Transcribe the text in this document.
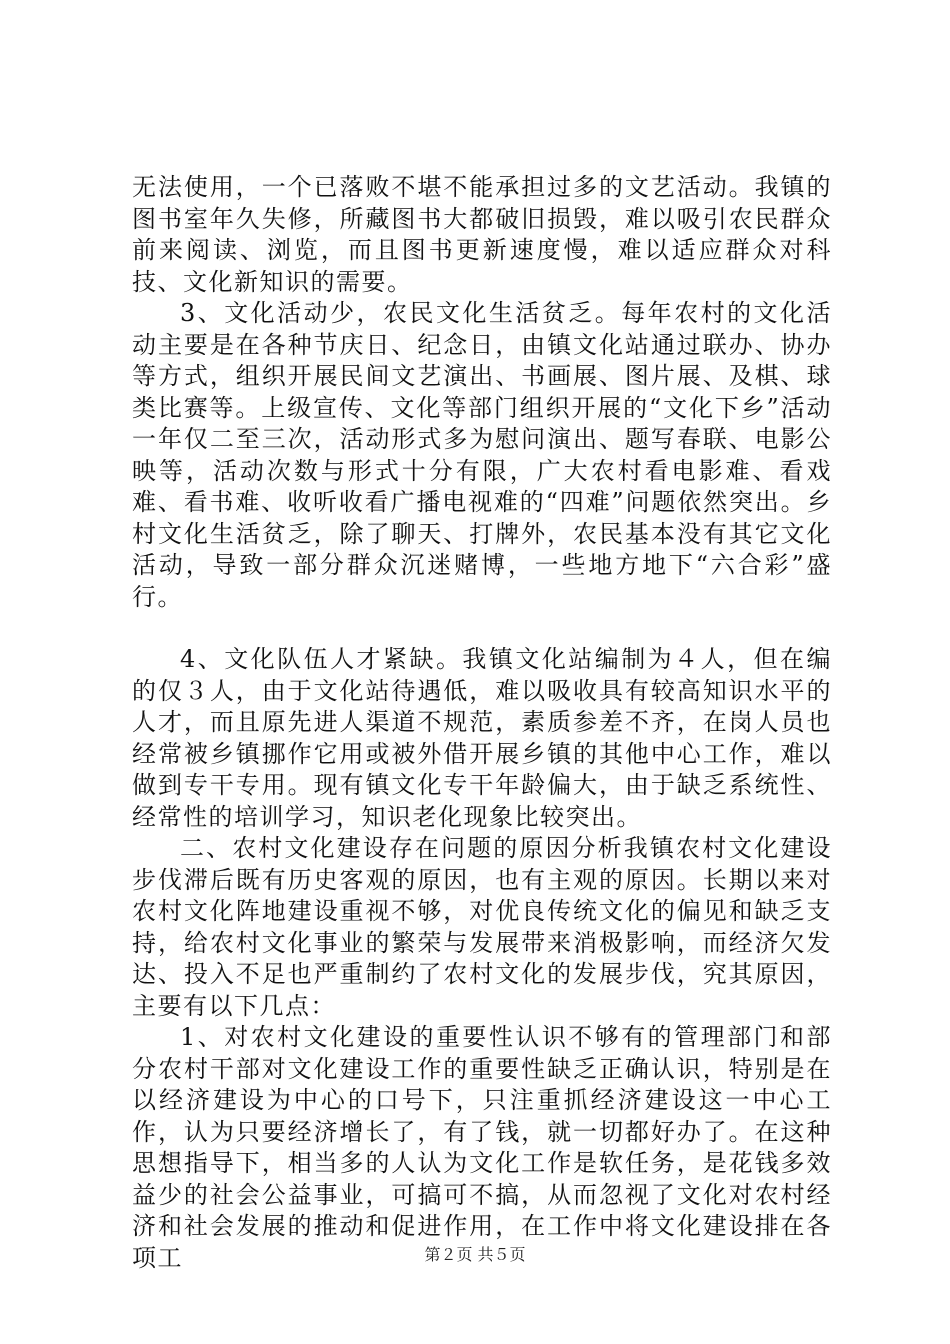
无法使用，一个已落败不堪不能承担过多的文艺活动。我镇的图书室年久失修，所藏图书大都破旧损毁，难以吸引农民群众前来阅读、浏览，而且图书更新速度慢，难以适应群众对科技、文化新知识的需要。

3、文化活动少，农民文化生活贫乏。每年农村的文化活动主要是在各种节庆日、纪念日，由镇文化站通过联办、协办等方式，组织开展民间文艺演出、书画展、图片展、及棋、球类比赛等。上级宣传、文化等部门组织开展的“文化下乡”活动一年仅二至三次，活动形式多为慰问演出、题写春联、电影公映等，活动次数与形式十分有限，广大农村看电影难、看戏难、看书难、收听收看广播电视难的“四难”问题依然突出。乡村文化生活贫乏，除了聊天、打牌外，农民基本没有其它文化活动，导致一部分群众沉迷赌博，一些地方地下“六合彩”盛行。

4、文化队伍人才紧缺。我镇文化站编制为４人，但在编的仅３人，由于文化站待遇低，难以吸收具有较高知识水平的人才，而且原先进人渠道不规范，素质参差不齐，在岗人员也经常被乡镇挪作它用或被外借开展乡镇的其他中心工作，难以做到专干专用。现有镇文化专干年龄偏大，由于缺乏系统性、经常性的培训学习，知识老化现象比较突出。

二、农村文化建设存在问题的原因分析我镇农村文化建设步伐滞后既有历史客观的原因，也有主观的原因。长期以来对农村文化阵地建设重视不够，对优良传统文化的偏见和缺乏支持，给农村文化事业的繁荣与发展带来消极影响，而经济欠发达、投入不足也严重制约了农村文化的发展步伐，究其原因，主要有以下几点：

1、对农村文化建设的重要性认识不够有的管理部门和部分农村干部对文化建设工作的重要性缺乏正确认识，特别是在以经济建设为中心的口号下，只注重抓经济建设这一中心工作，认为只要经济增长了，有了钱，就一切都好办了。在这种思想指导下，相当多的人认为文化工作是软任务，是花钱多效益少的社会公益事业，可搞可不搞，从而忽视了文化对农村经济和社会发展的推动和促进作用，在工作中将文化建设排在各项工	第２页 共５页
